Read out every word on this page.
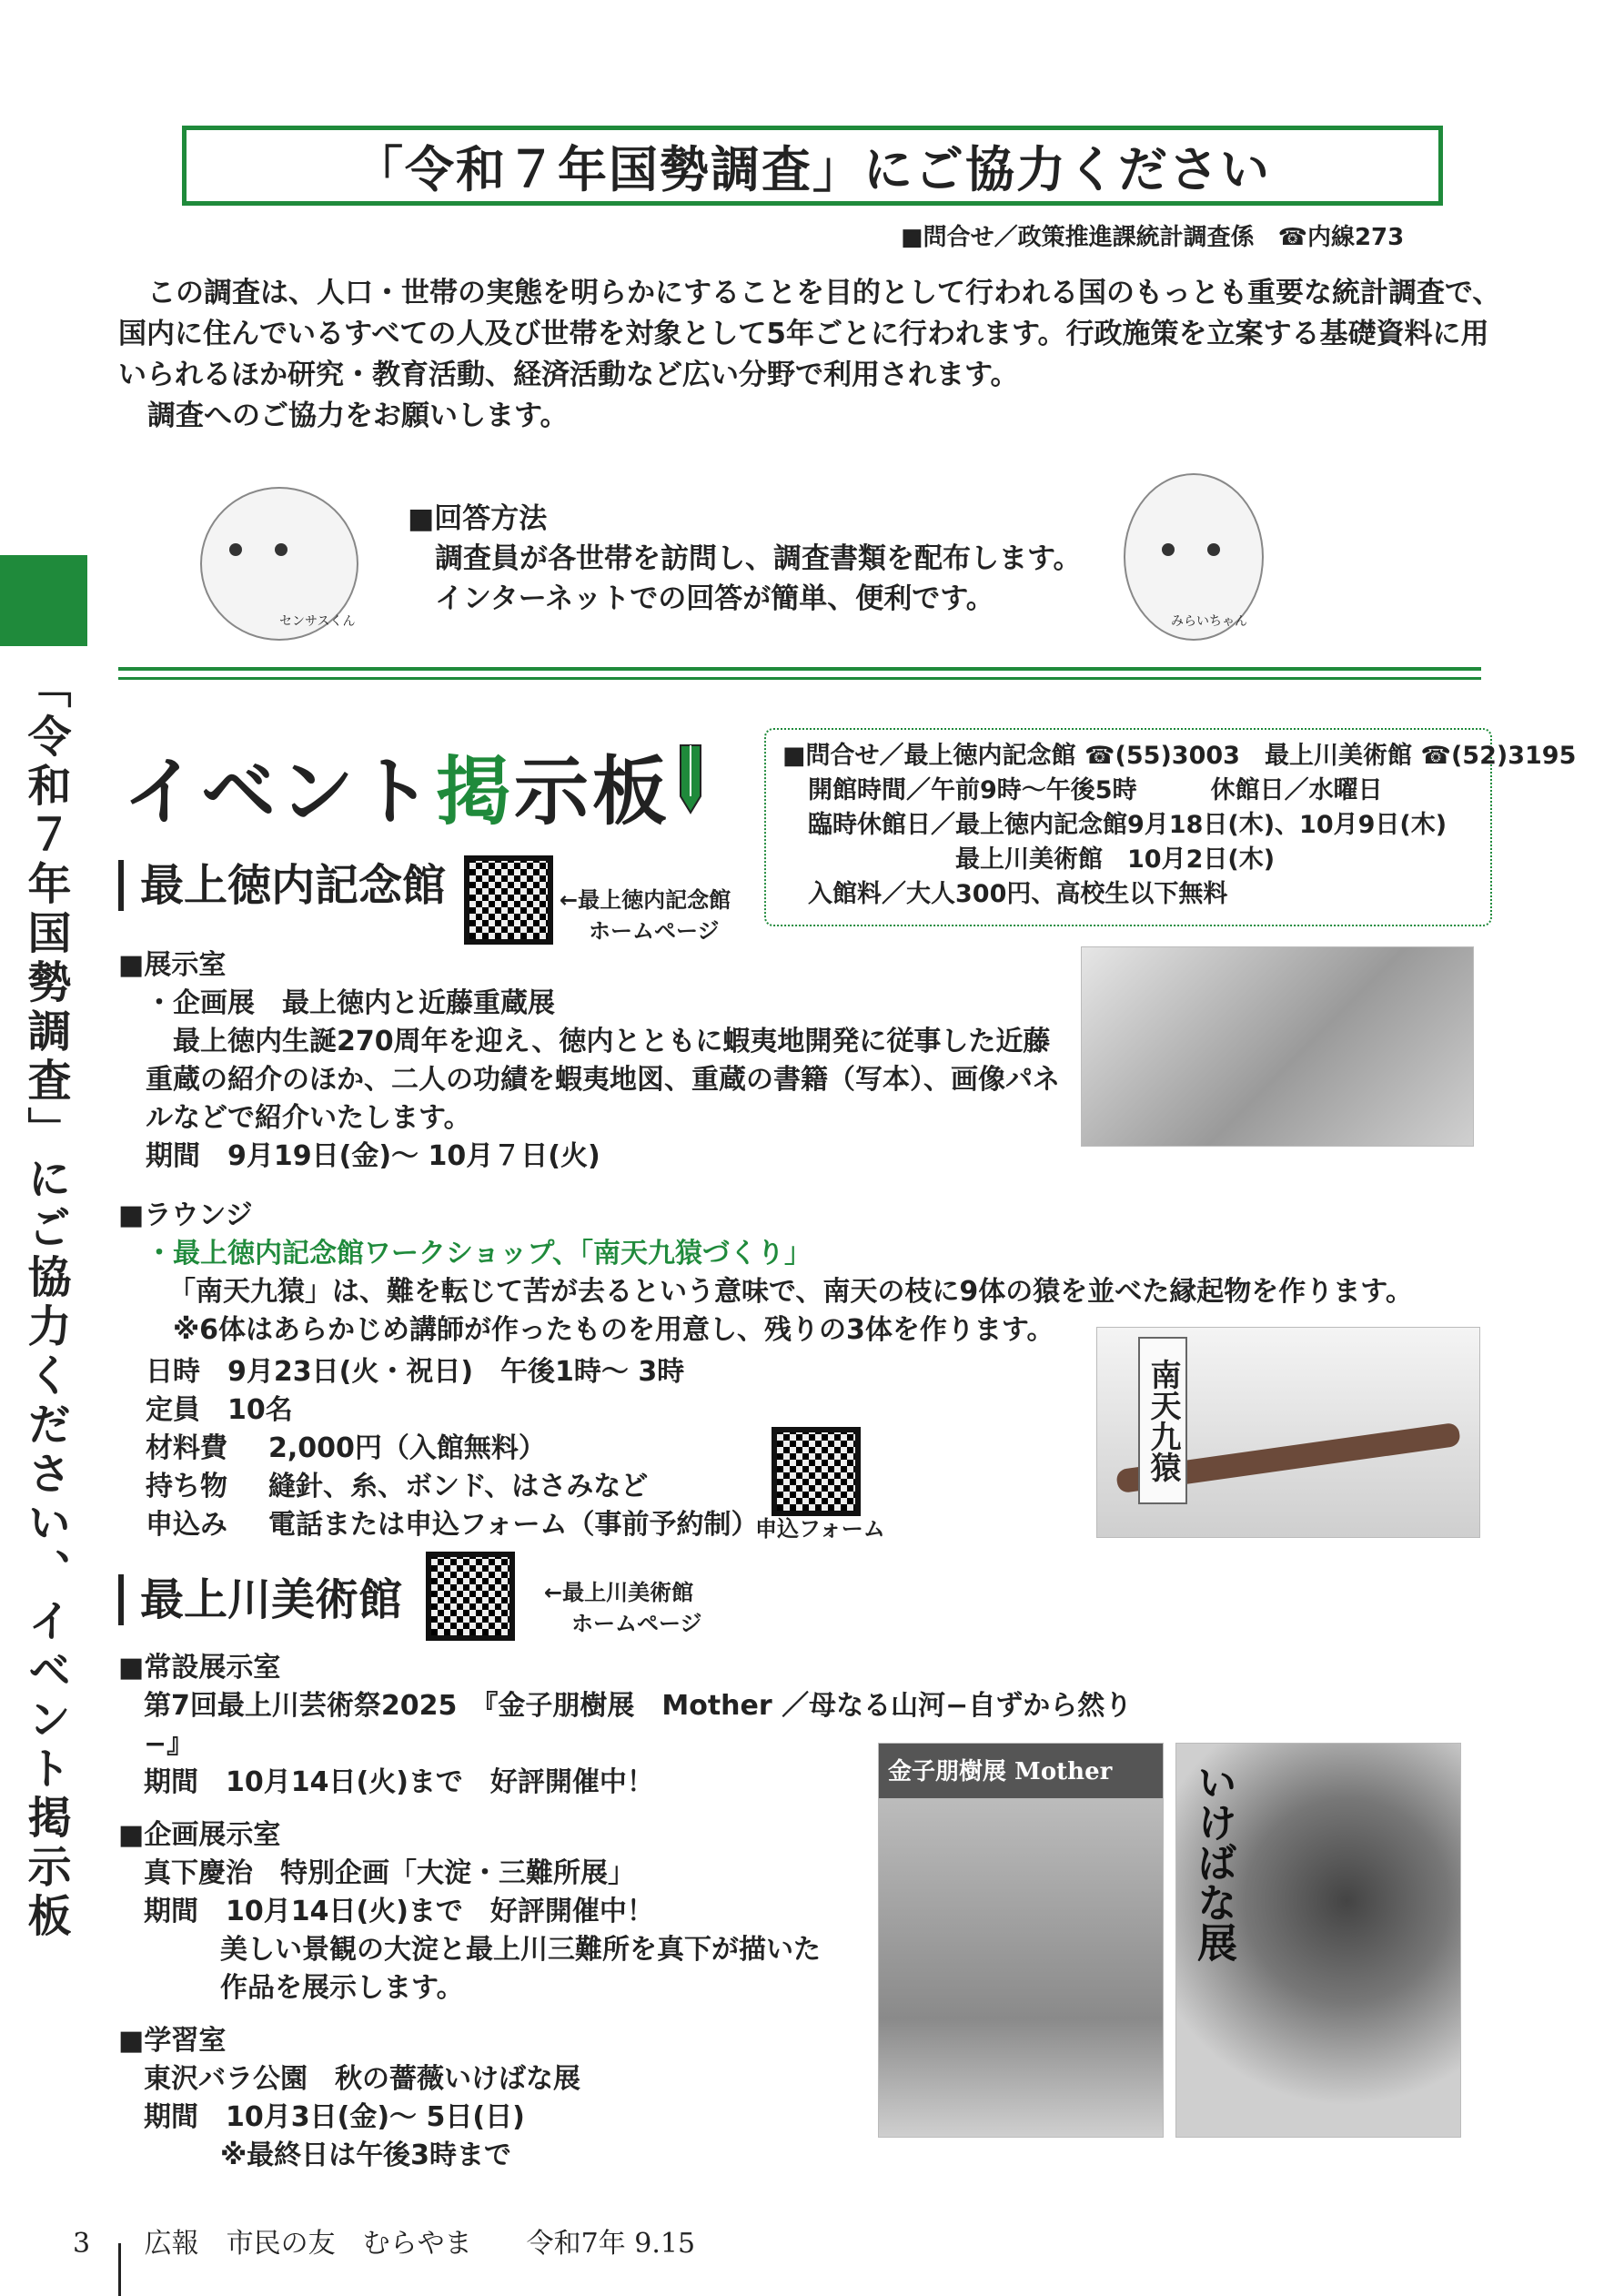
「令和７年国勢調査」にご協力ください
■問合せ／政策推進課統計調査係　☎内線273

この調査は、人口・世帯の実態を明らかにすることを目的として行われる国のもっとも重要な統計調査で、国内に住んでいるすべての人及び世帯を対象として5年ごとに行われます。行政施策を立案する基礎資料に用いられるほか研究・教育活動、経済活動など広い分野で利用されます。

調査へのご協力をお願いします。

センサスくん
■回答方法
調査員が各世帯を訪問し、調査書類を配布します。
インターネットでの回答が簡単、便利です。
みらいちゃん
「令和７年国勢調査」にご協力ください、イベント掲示板 イベント掲示板	■問合せ／最上徳内記念館 ☎(55)3003　最上川美術館 ☎(52)3195
開館時間／午前9時〜午後5時　　　休館日／水曜日
臨時休館日／最上徳内記念館9月18日(木)、10月9日(木)
最上川美術館　10月2日(木)
入館料／大人300円、高校生以下無料
最上徳内記念館	←最上徳内記念館
ホームページ

■展示室

・企画展　最上徳内と近藤重蔵展

最上徳内生誕270周年を迎え、徳内とともに蝦夷地開発に従事した近藤重蔵の紹介のほか、二人の功績を蝦夷地図、重蔵の書籍（写本）、画像パネルなどで紹介いたします。

期間　9月19日(金)〜 10月７日(火)

■ラウンジ

・最上徳内記念館ワークショップ、「南天九猿づくり」

「南天九猿」は、難を転じて苦が去るという意味で、南天の枝に9体の猿を並べた縁起物を作ります。

※6体はあらかじめ講師が作ったものを用意し、残りの3体を作ります。

日時	9月23日(火・祝日)　午後1時〜 3時
定員	10名
材料費	2,000円（入館無料）
持ち物	縫針、糸、ボンド、はさみなど
申込み	電話または申込フォーム（事前予約制）
申込フォーム
南天九猿
最上川美術館	←最上川美術館
ホームページ

■常設展示室

第7回最上川芸術祭2025　『金子朋樹展　Mother ／母なる山河−自ずから然り−』

期間　10月14日(火)まで　好評開催中！

■企画展示室

真下慶治　特別企画「大淀・三難所展」

期間　10月14日(火)まで　好評開催中！

美しい景観の大淀と最上川三難所を真下が描いた

作品を展示します。

■学習室

東沢バラ公園　秋の薔薇いけばな展

期間　10月3日(金)〜 5日(日)

※最終日は午後3時まで

金子朋樹展 Mother いけばな展
3 広報　市民の友　むらやま　　令和7年 9.15
